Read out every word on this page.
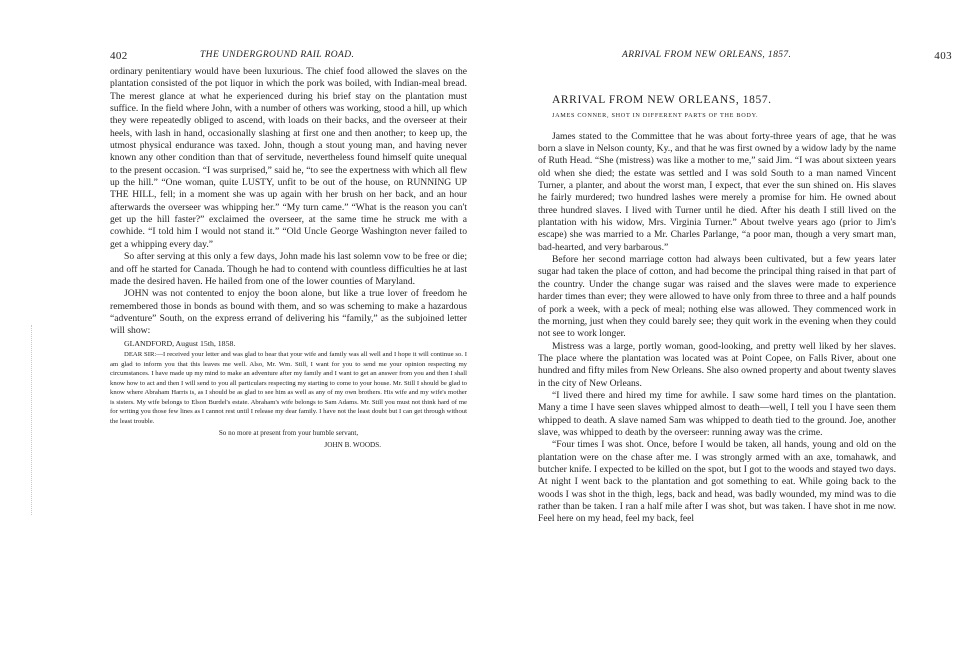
402	THE UNDERGROUND RAIL ROAD.

ordinary penitentiary would have been luxurious. The chief food allowed the slaves on the plantation consisted of the pot liquor in which the pork was boiled, with Indian-meal bread. The merest glance at what he experienced during his brief stay on the plantation must suffice. In the field where John, with a number of others was working, stood a hill, up which they were repeatedly obliged to ascend, with loads on their backs, and the overseer at their heels, with lash in hand, occasionally slashing at first one and then another; to keep up, the utmost physical endurance was taxed. John, though a stout young man, and having never known any other condition than that of servitude, nevertheless found himself quite unequal to the present occasion. “I was surprised,” said he, “to see the expertness with which all flew up the hill.” “One woman, quite LUSTY, unfit to be out of the house, on RUNNING UP THE HILL, fell; in a moment she was up again with her brush on her back, and an hour afterwards the overseer was whipping her.” “My turn came.” “What is the reason you can't get up the hill faster?” exclaimed the overseer, at the same time he struck me with a cowhide. “I told him I would not stand it.” “Old Uncle George Washington never failed to get a whipping every day.”

So after serving at this only a few days, John made his last solemn vow to be free or die; and off he started for Canada. Though he had to contend with countless difficulties he at last made the desired haven. He hailed from one of the lower counties of Maryland.

JOHN was not contented to enjoy the boon alone, but like a true lover of freedom he remembered those in bonds as bound with them, and so was scheming to make a hazardous “adventure” South, on the express errand of delivering his “family,” as the subjoined letter will show:

GLANDFORD, August 15th, 1858.

DEAR SIR:—I received your letter and was glad to hear that your wife and family was all well and I hope it will continue so. I am glad to inform you that this leaves me well. Also, Mr. Wm. Still, I want for you to send me your opinion respecting my circumstances. I have made up my mind to make an adventure after my family and I want to get an answer from you and then I shall know how to act and then I will send to you all particulars respecting my starting to come to your house. Mr. Still I should be glad to know where Abraham Harris is, as I should be as glad to see him as well as any of my own brothers. His wife and my wife's mother is sisters. My wife belongs to Elson Burdel's estate. Abraham's wife belongs to Sam Adams. Mr. Still you must not think hard of me for writing you those few lines as I cannot rest until I release my dear family. I have not the least doubt but I can get through without the least trouble.

So no more at present from your humble servant,
JOHN B. WOODS.
ARRIVAL FROM NEW ORLEANS, 1857.	403

ARRIVAL FROM NEW ORLEANS, 1857.

JAMES CONNER, SHOT IN DIFFERENT PARTS OF THE BODY.

James stated to the Committee that he was about forty-three years of age, that he was born a slave in Nelson county, Ky., and that he was first owned by a widow lady by the name of Ruth Head. “She (mistress) was like a mother to me,” said Jim. “I was about sixteen years old when she died; the estate was settled and I was sold South to a man named Vincent Turner, a planter, and about the worst man, I expect, that ever the sun shined on. His slaves he fairly murdered; two hundred lashes were merely a promise for him. He owned about three hundred slaves. I lived with Turner until he died. After his death I still lived on the plantation with his widow, Mrs. Virginia Turner.” About twelve years ago (prior to Jim's escape) she was married to a Mr. Charles Parlange, “a poor man, though a very smart man, bad-hearted, and very barbarous.”

Before her second marriage cotton had always been cultivated, but a few years later sugar had taken the place of cotton, and had become the principal thing raised in that part of the country. Under the change sugar was raised and the slaves were made to experience harder times than ever; they were allowed to have only from three to three and a half pounds of pork a week, with a peck of meal; nothing else was allowed. They commenced work in the morning, just when they could barely see; they quit work in the evening when they could not see to work longer.

Mistress was a large, portly woman, good-looking, and pretty well liked by her slaves. The place where the plantation was located was at Point Copee, on Falls River, about one hundred and fifty miles from New Orleans. She also owned property and about twenty slaves in the city of New Orleans.

“I lived there and hired my time for awhile. I saw some hard times on the plantation. Many a time I have seen slaves whipped almost to death—well, I tell you I have seen them whipped to death. A slave named Sam was whipped to death tied to the ground. Joe, another slave, was whipped to death by the overseer: running away was the crime.

“Four times I was shot. Once, before I would be taken, all hands, young and old on the plantation were on the chase after me. I was strongly armed with an axe, tomahawk, and butcher knife. I expected to be killed on the spot, but I got to the woods and stayed two days. At night I went back to the plantation and got something to eat. While going back to the woods I was shot in the thigh, legs, back and head, was badly wounded, my mind was to die rather than be taken. I ran a half mile after I was shot, but was taken. I have shot in me now. Feel here on my head, feel my back, feel
